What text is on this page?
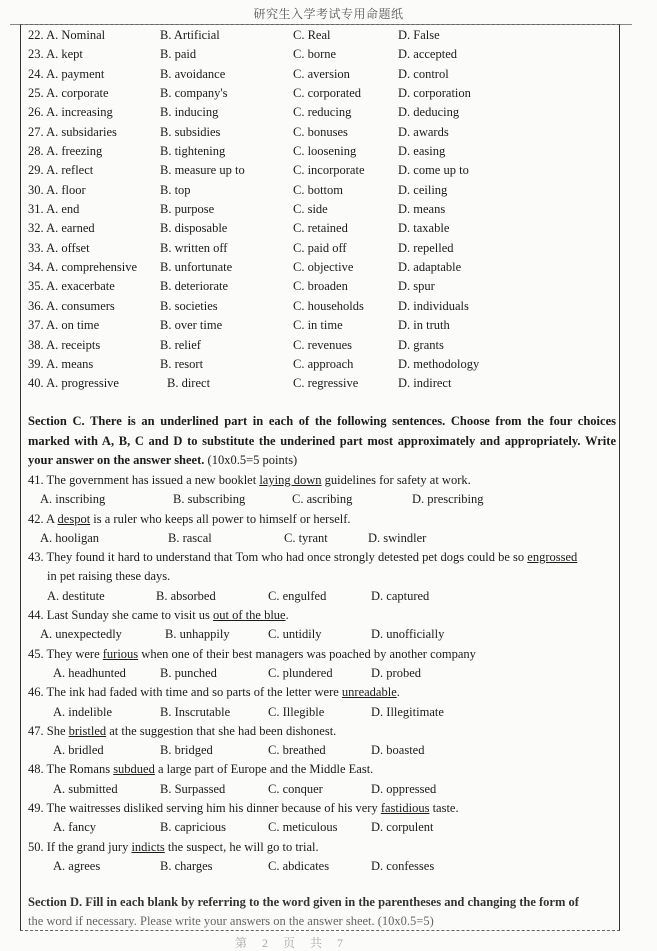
研究生入学考试专用命题纸
22. A. Nominal	B. Artificial	C. Real	D. False
23. A. kept	B. paid	C. borne	D. accepted
24. A. payment	B. avoidance	C. aversion	D. control
25. A. corporate	B. company's	C. corporated	D. corporation
26. A. increasing	B. inducing	C. reducing	D. deducing
27. A. subsidaries	B. subsidies	C. bonuses	D. awards
28. A. freezing	B. tightening	C. loosening	D. easing
29. A. reflect	B. measure up to	C. incorporate	D. come up to
30. A. floor	B. top	C. bottom	D. ceiling
31. A. end	B. purpose	C. side	D. means
32. A. earned	B. disposable	C. retained	D. taxable
33. A. offset	B. written off	C. paid off	D. repelled
34. A. comprehensive B. unfortunate	C. objective	D. adaptable
35. A. exacerbate	B. deteriorate	C. broaden	D. spur
36. A. consumers	B. societies	C. households	D. individuals
37. A. on time	B. over time	C. in time	D. in truth
38. A. receipts	B. relief	C. revenues	D. grants
39. A. means	B. resort	C. approach	D. methodology
40. A. progressive	B. direct	C. regressive	D. indirect
Section C. There is an underlined part in each of the following sentences. Choose from the four choices marked with A, B, C and D to substitute the underined part most approximately and appropriately. Write your answer on the answer sheet. (10x0.5=5 points)
41. The government has issued a new booklet laying down guidelines for safety at work.
A. inscribing	B. subscribing	C. ascribing	D. prescribing
42. A despot is a ruler who keeps all power to himself or herself.
A. hooligan	B. rascal	C. tyrant	D. swindler
43. They found it hard to understand that Tom who had once strongly detested pet dogs could be so engrossed
in pet raising these days.
A. destitute	B. absorbed	C. engulfed	D. captured
44. Last Sunday she came to visit us out of the blue.
A. unexpectedly	B. unhappily	C. untidily	D. unofficially
45. They were furious when one of their best managers was poached by another company
A. headhunted	B. punched	C. plundered	D. probed
46. The ink had faded with time and so parts of the letter were unreadable.
A. indelible	B. Inscrutable	C. Illegible	D. Illegitimate
47. She bristled at the suggestion that she had been dishonest.
A. bridled	B. bridged	C. breathed	D. boasted
48. The Romans subdued a large part of Europe and the Middle East.
A. submitted	B. Surpassed	C. conquer	D. oppressed
49. The waitresses disliked serving him his dinner because of his very fastidious taste.
A. fancy	B. capricious	C. meticulous	D. corpulent
50. If the grand jury indicts the suspect, he will go to trial.
A. agrees	B. charges	C. abdicates	D. confesses
Section D. Fill in each blank by referring to the word given in the parentheses and changing the form of
the word if necessary. Please write your answers on the answer sheet. (10x0.5=5)
第 2 页 共 7
